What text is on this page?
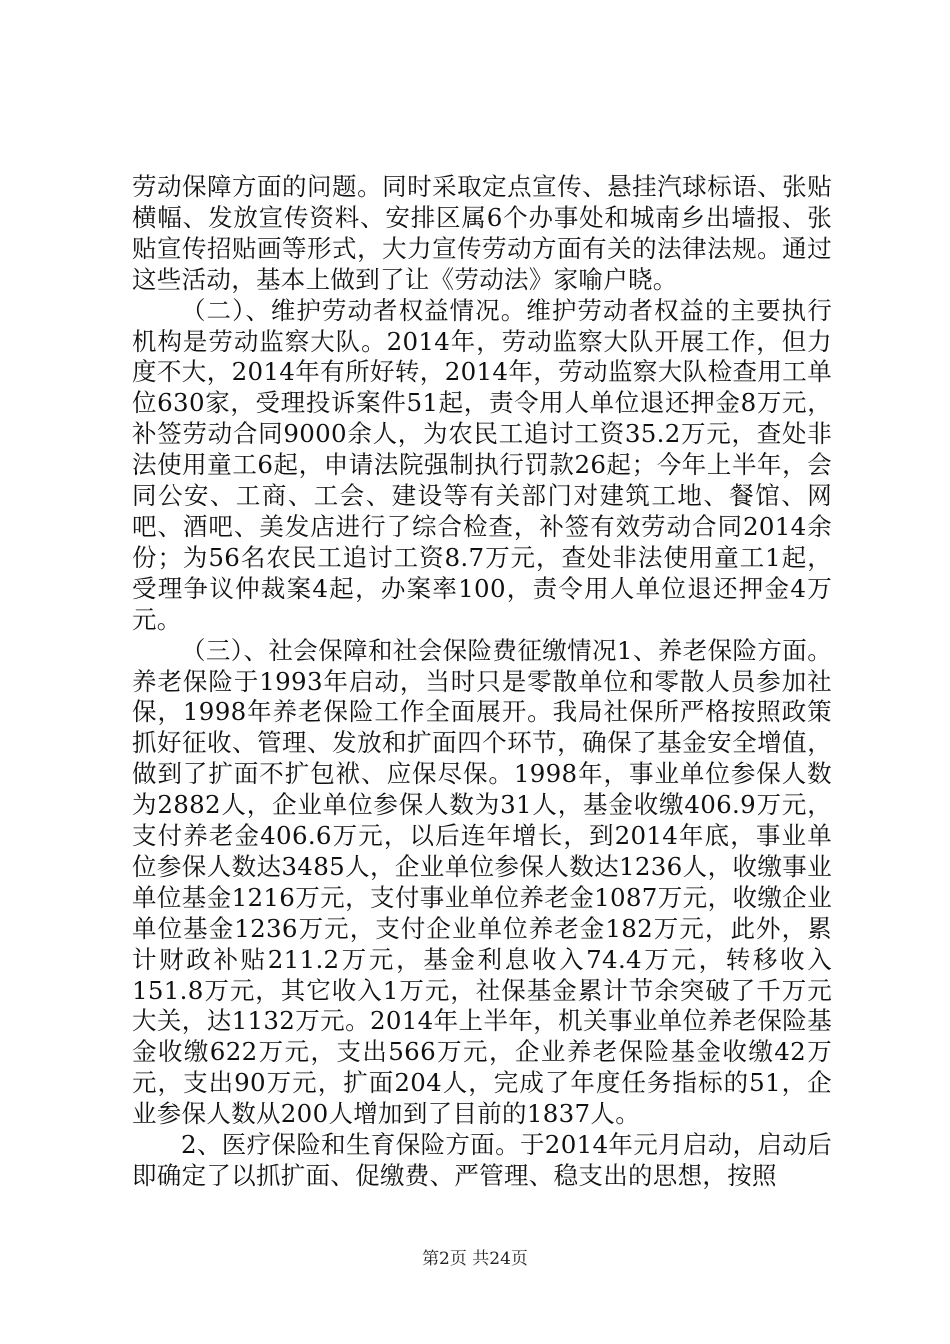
劳动保障方面的问题。同时采取定点宣传、悬挂汽球标语、张贴横幅、发放宣传资料、安排区属6个办事处和城南乡出墙报、张贴宣传招贴画等形式，大力宣传劳动方面有关的法律法规。通过这些活动，基本上做到了让《劳动法》家喻户晓。

（二）、维护劳动者权益情况。维护劳动者权益的主要执行机构是劳动监察大队。2014年，劳动监察大队开展工作，但力度不大，2014年有所好转，2014年，劳动监察大队检查用工单位630家，受理投诉案件51起，责令用人单位退还押金8万元，补签劳动合同9000余人，为农民工追讨工资35.2万元，查处非法使用童工6起，申请法院强制执行罚款26起；今年上半年，会同公安、工商、工会、建设等有关部门对建筑工地、餐馆、网吧、酒吧、美发店进行了综合检查，补签有效劳动合同2014余份；为56名农民工追讨工资8.7万元，查处非法使用童工1起，受理争议仲裁案4起，办案率100，责令用人单位退还押金4万元。

（三）、社会保障和社会保险费征缴情况1、养老保险方面。养老保险于1993年启动，当时只是零散单位和零散人员参加社保，1998年养老保险工作全面展开。我局社保所严格按照政策抓好征收、管理、发放和扩面四个环节，确保了基金安全增值，做到了扩面不扩包袱、应保尽保。1998年，事业单位参保人数为2882人，企业单位参保人数为31人，基金收缴406.9万元，支付养老金406.6万元，以后连年增长，到2014年底，事业单位参保人数达3485人，企业单位参保人数达1236人，收缴事业单位基金1216万元，支付事业单位养老金1087万元，收缴企业单位基金1236万元，支付企业单位养老金182万元，此外，累计财政补贴211.2万元，基金利息收入74.4万元，转移收入151.8万元，其它收入1万元，社保基金累计节余突破了千万元大关，达1132万元。2014年上半年，机关事业单位养老保险基金收缴622万元，支出566万元，企业养老保险基金收缴42万元，支出90万元，扩面204人，完成了年度任务指标的51，企业参保人数从200人增加到了目前的1837人。

2、医疗保险和生育保险方面。于2014年元月启动，启动后即确定了以抓扩面、促缴费、严管理、稳支出的思想，按照

第2页 共24页
